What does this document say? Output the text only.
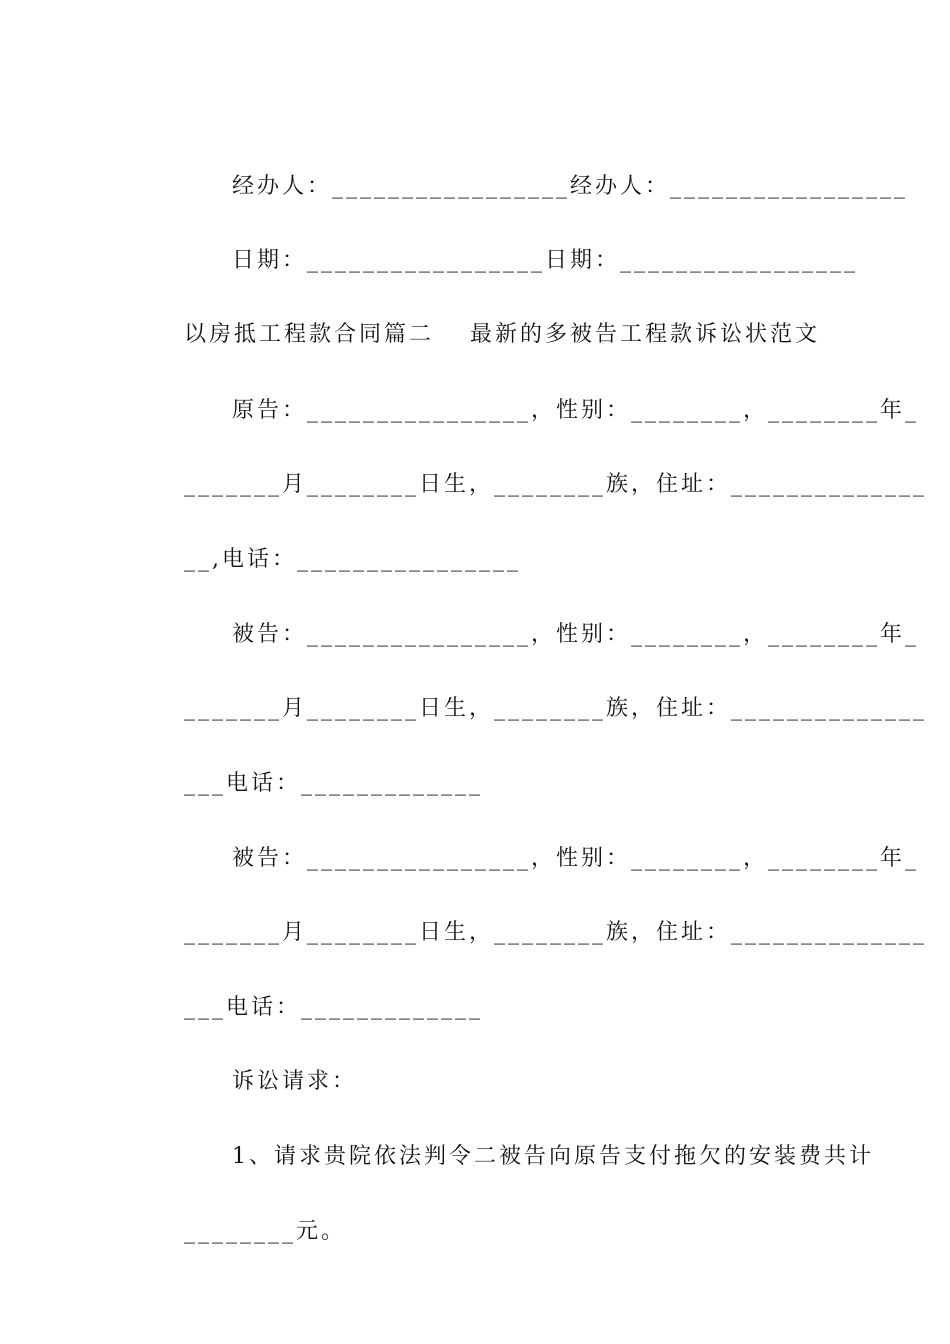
经办人：_________________经办人：_________________

日期：_________________日期：_________________

以房抵工程款合同篇二 最新的多被告工程款诉讼状范文

原告：________________，性别：________，________年_

_______月________日生，________族，住址：______________

__,电话：________________

被告：________________，性别：________，________年_

_______月________日生，________族，住址：______________

___电话：_____________

被告：________________，性别：________，________年_

_______月________日生，________族，住址：______________

___电话：_____________

诉讼请求：

1、请求贵院依法判令二被告向原告支付拖欠的安装费共计

________元。
